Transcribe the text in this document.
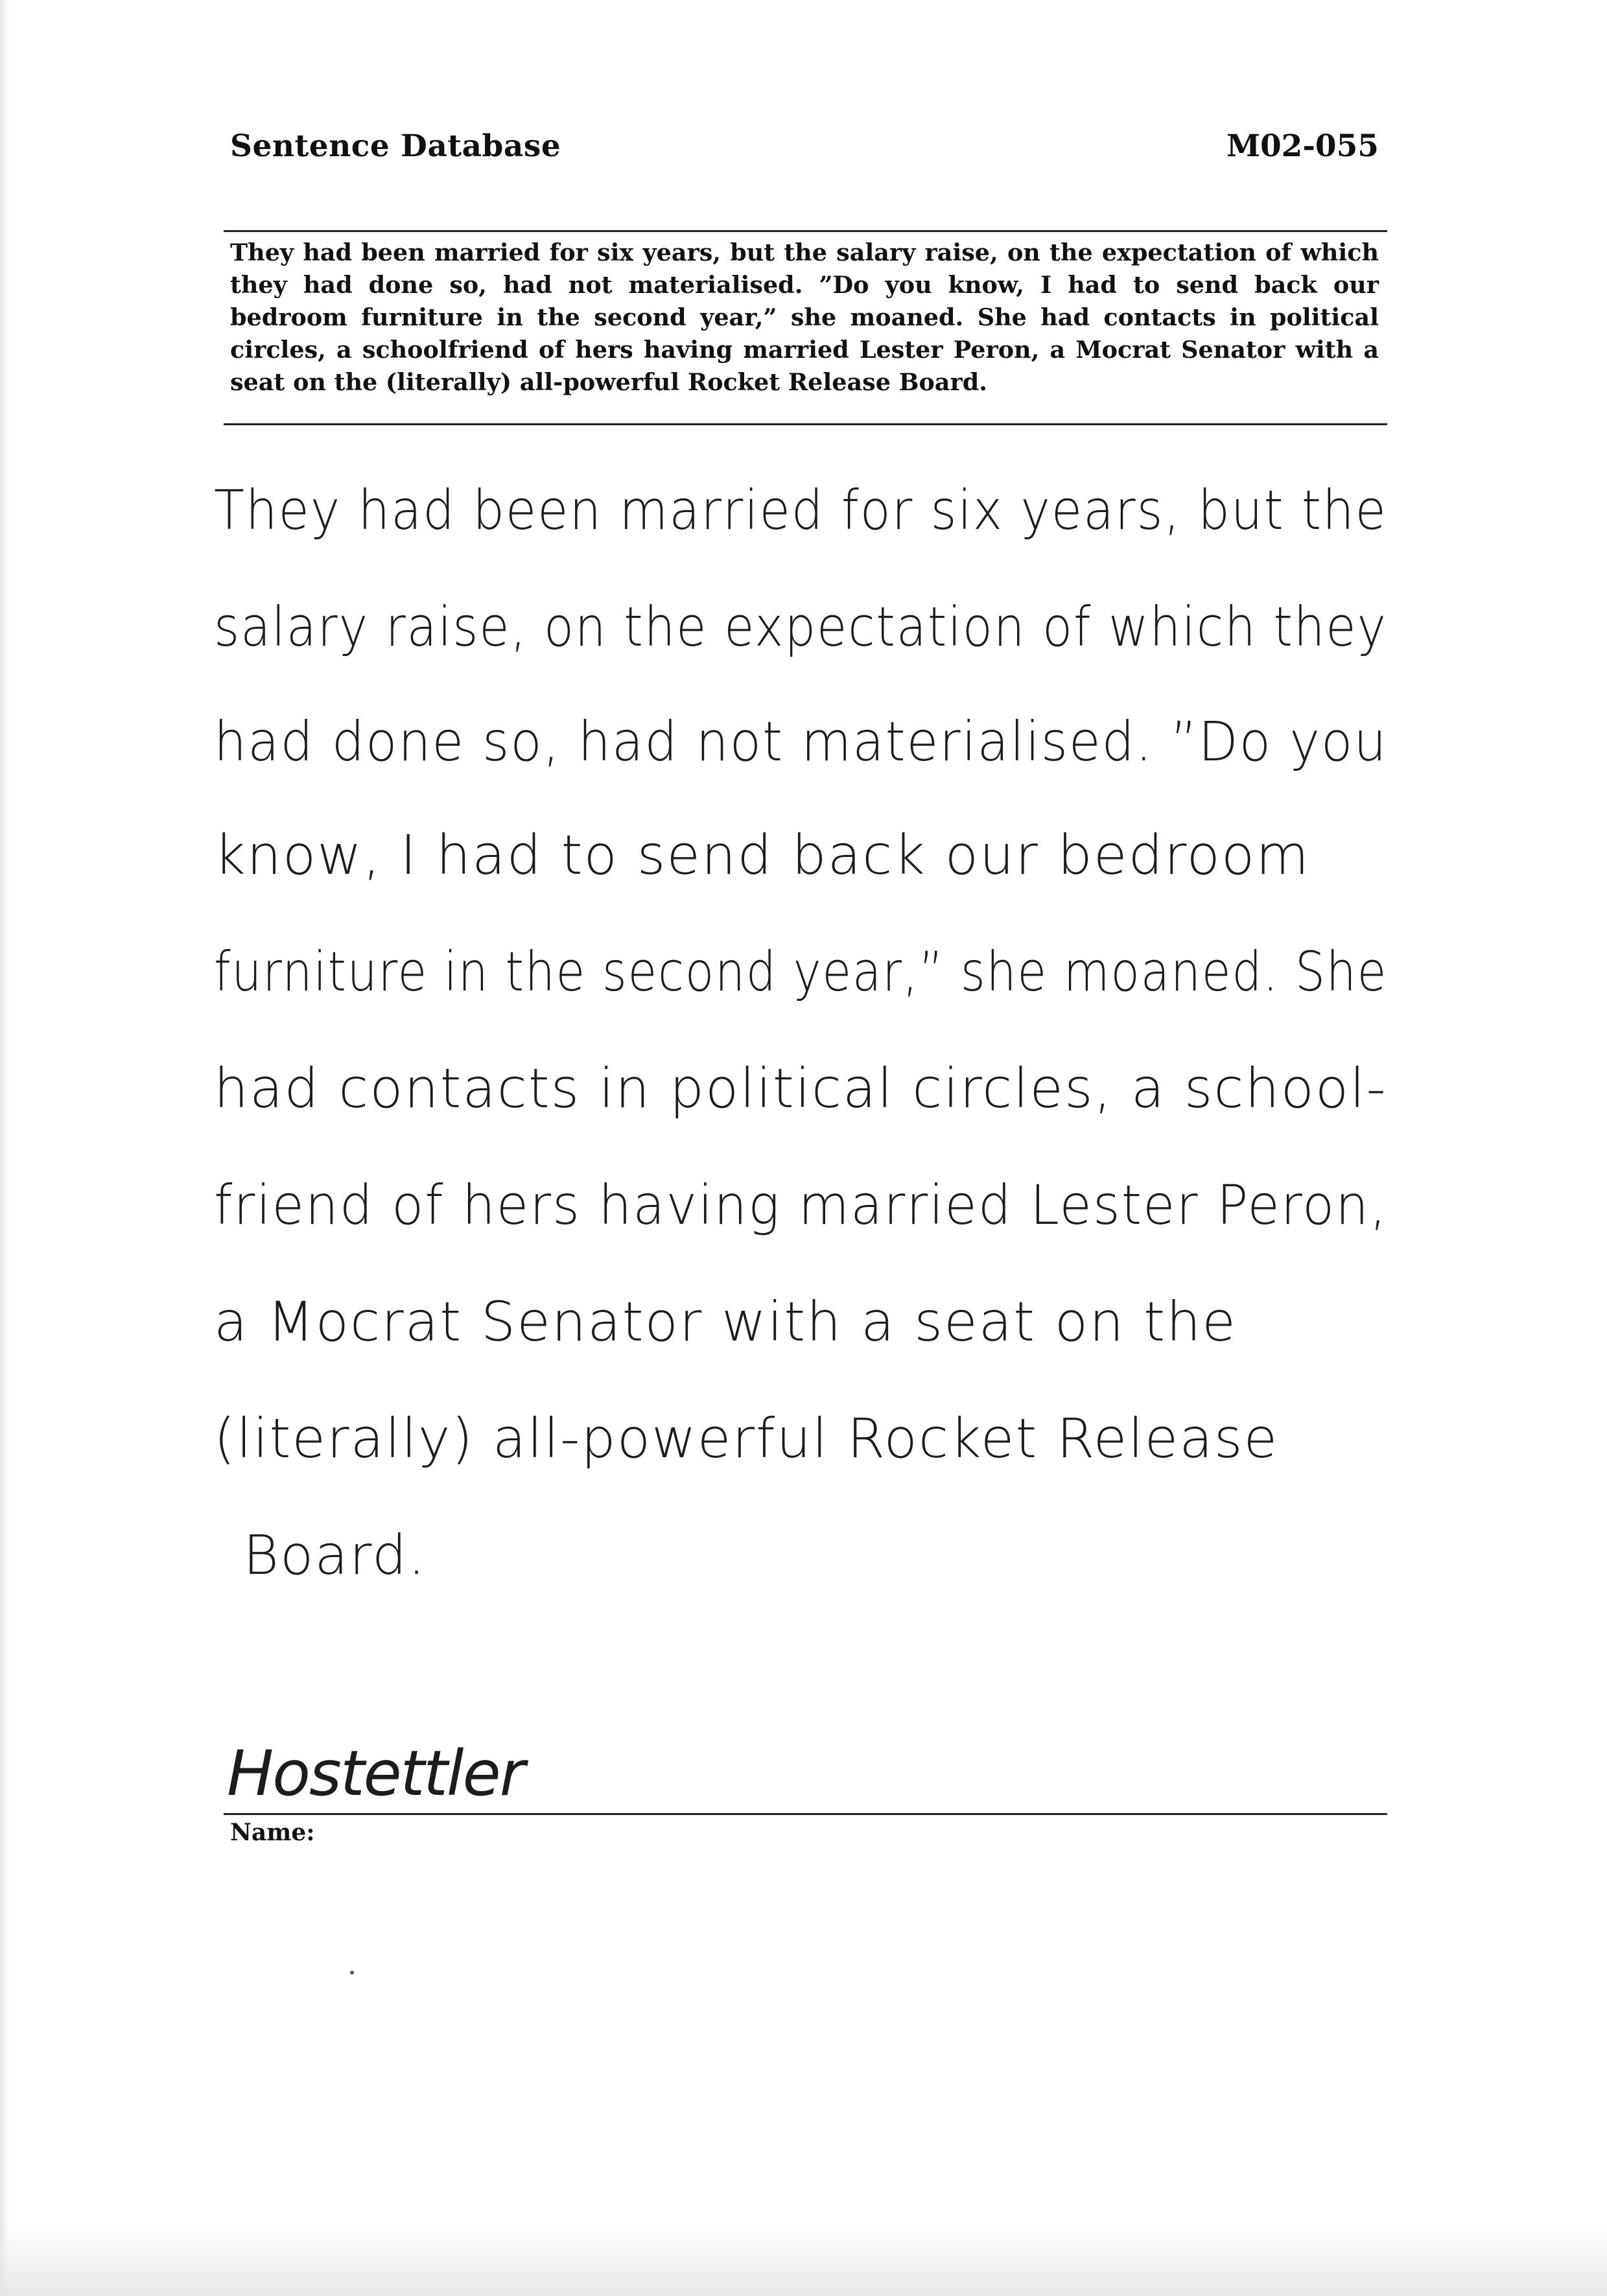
Sentence Database	M02-055

They had been married for six years, but the salary raise, on the expectation of which they had done so, had not materialised. ”Do you know, I had to send back our bedroom furniture in the second year,” she moaned. She had contacts in political circles, a schoolfriend of hers having married Lester Peron, a Mocrat Senator with a seat on the (literally) all-powerful Rocket Release Board.

They had been married for six years, but the
salary raise, on the expectation of which they
had done so, had not materialised. ”Do you
know, I had to send back our bedroom
furniture in the second year,” she moaned. She
had contacts in political circles, a school-
friend of hers having married Lester Peron,
a Mocrat Senator with a seat on the
(literally) all-powerful Rocket Release
Board.
Hostettler
Name:
